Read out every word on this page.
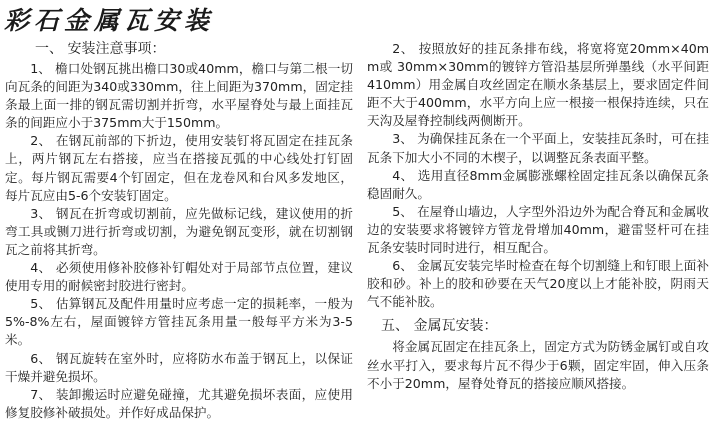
彩石金属瓦安装

一、 安装注意事项：

1、 檐口处钢瓦挑出檐口30或40mm，檐口与第二根一切向瓦条的间距为340或330mm，往上间距为370mm，固定挂条最上面一排的钢瓦需切割并折弯，水平屋脊处与最上面挂瓦条的间距应小于375mm大于150mm。

2、 在钢瓦前部的下折边，使用安装钉将瓦固定在挂瓦条上，两片钢瓦左右搭接，应当在搭接瓦弧的中心线处打钉固定。每片钢瓦需要4个钉固定，但在龙卷风和台风多发地区，每片瓦应由5-6个安装钉固定。

3、 钢瓦在折弯或切割前，应先做标记线，建议使用的折弯工具或铡刀进行折弯或切割，为避免钢瓦变形，就在切割钢瓦之前将其折弯。

4、 必须使用修补胶修补钉帽处对于局部节点位置，建议使用专用的耐候密封胶进行密封。

5、 估算钢瓦及配件用量时应考虑一定的损耗率，一般为5%-8%左右，屋面镀锌方管挂瓦条用量一般每平方米为3-5米。

6、 钢瓦旋转在室外时，应将防水布盖于钢瓦上，以保证干燥并避免损坏。

7、 装卸搬运时应避免碰撞，尤其避免损坏表面，应使用修复胶修补破损处。并作好成品保护。

2、 按照放好的挂瓦条排布线，将宽将宽20mm×40mm或 30mm×30mm的镀锌方管沿基层所弹墨线（水平间距410mm）用金属自攻丝固定在顺水条基层上，要求固定件间距不大于400mm，水平方向上应一根接一根保持连续，只在天沟及屋脊控制线两侧断开。

3、 为确保挂瓦条在一个平面上，安装挂瓦条时，可在挂瓦条下加大小不同的木楔子，以调整瓦条表面平整。

4、 选用直径8mm金属膨涨螺栓固定挂瓦条以确保瓦条稳固耐久。

5、 在屋脊山墙边，人字型外沿边外为配合脊瓦和金属收边的安装要求将镀锌方管龙骨增加40mm，避雷竖杆可在挂瓦条安装时同时进行，相互配合。

6、 金属瓦安装完毕时检查在每个切割缝上和钉眼上面补胶和砂。补上的胶和砂要在天气20度以上才能补胶，阴雨天气不能补胶。

五、 金属瓦安装：

将金属瓦固定在挂瓦条上，固定方式为防锈金属钉或自攻丝水平打入，要求每片瓦不得少于6颗，固定牢固，伸入压条不小于20mm，屋脊处脊瓦的搭接应顺风搭接。
